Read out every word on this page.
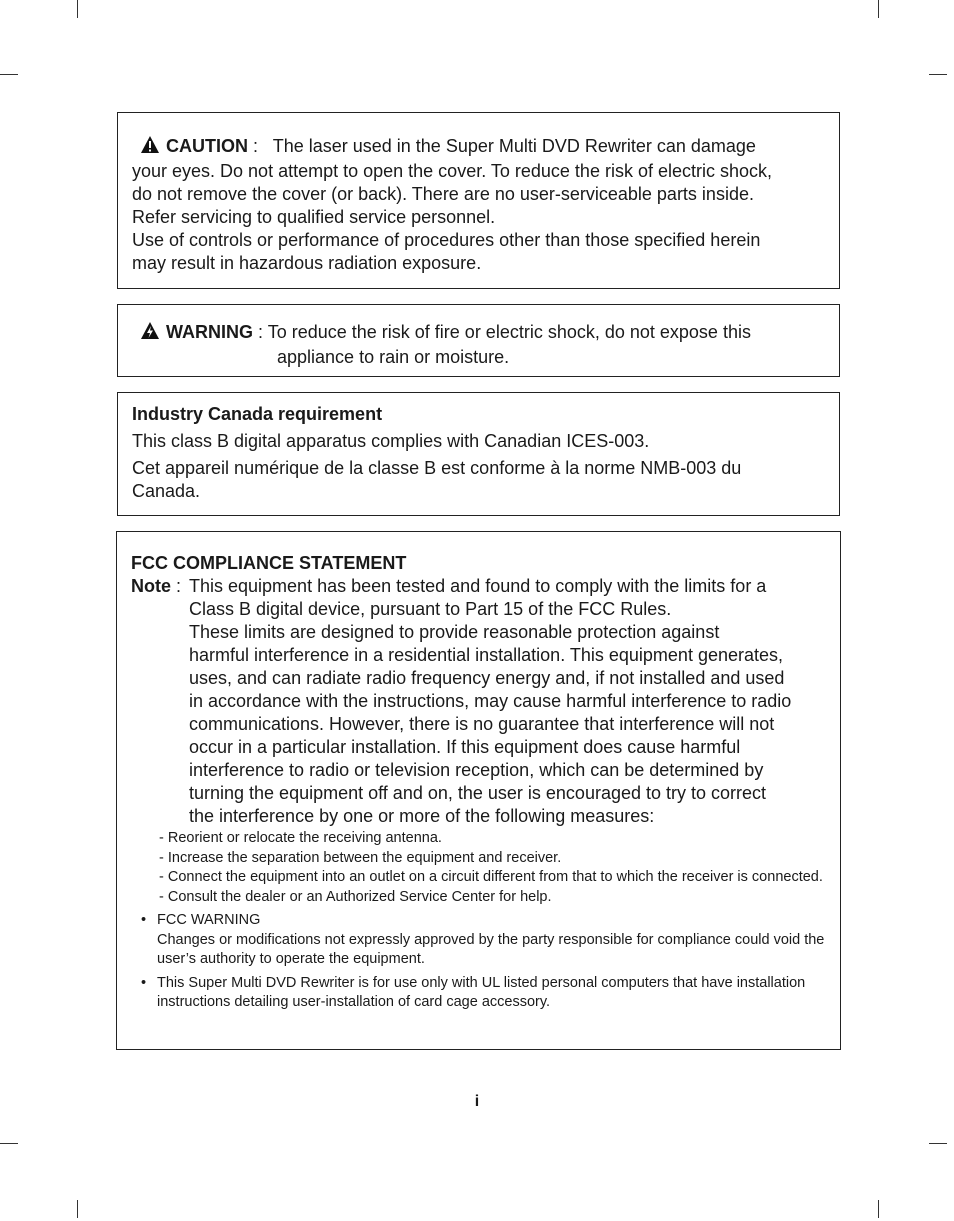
CAUTION : The laser used in the Super Multi DVD Rewriter can damage
your eyes. Do not attempt to open the cover. To reduce the risk of electric shock,
do not remove the cover (or back). There are no user-serviceable parts inside.
Refer servicing to qualified service personnel.
Use of controls or performance of procedures other than those specified herein
may result in hazardous radiation exposure.
WARNING : To reduce the risk of fire or electric shock, do not expose this
appliance to rain or moisture.
Industry Canada requirement
This class B digital apparatus complies with Canadian ICES-003.
Cet appareil numérique de la classe B est conforme à la norme NMB-003 du
Canada.
FCC COMPLIANCE STATEMENT
Note : This equipment has been tested and found to comply with the limits for a

Class B digital device, pursuant to Part 15 of the FCC Rules.

These limits are designed to provide reasonable protection against

harmful interference in a residential installation. This equipment generates,

uses, and can radiate radio frequency energy and, if not installed and used

in accordance with the instructions, may cause harmful interference to radio

communications. However, there is no guarantee that interference will not

occur in a particular installation. If this equipment does cause harmful

interference to radio or television reception, which can be determined by

turning the equipment off and on, the user is encouraged to try to correct

the interference by one or more of the following measures:

- Reorient or relocate the receiving antenna.
- Increase the separation between the equipment and receiver.
- Connect the equipment into an outlet on a circuit different from that to which the receiver is connected.
- Consult the dealer or an Authorized Service Center for help.
• FCC WARNING
Changes or modifications not expressly approved by the party responsible for compliance could void the user’s authority to operate the equipment.
• This Super Multi DVD Rewriter is for use only with UL listed personal computers that have installation instructions detailing user-installation of card cage accessory.
i
